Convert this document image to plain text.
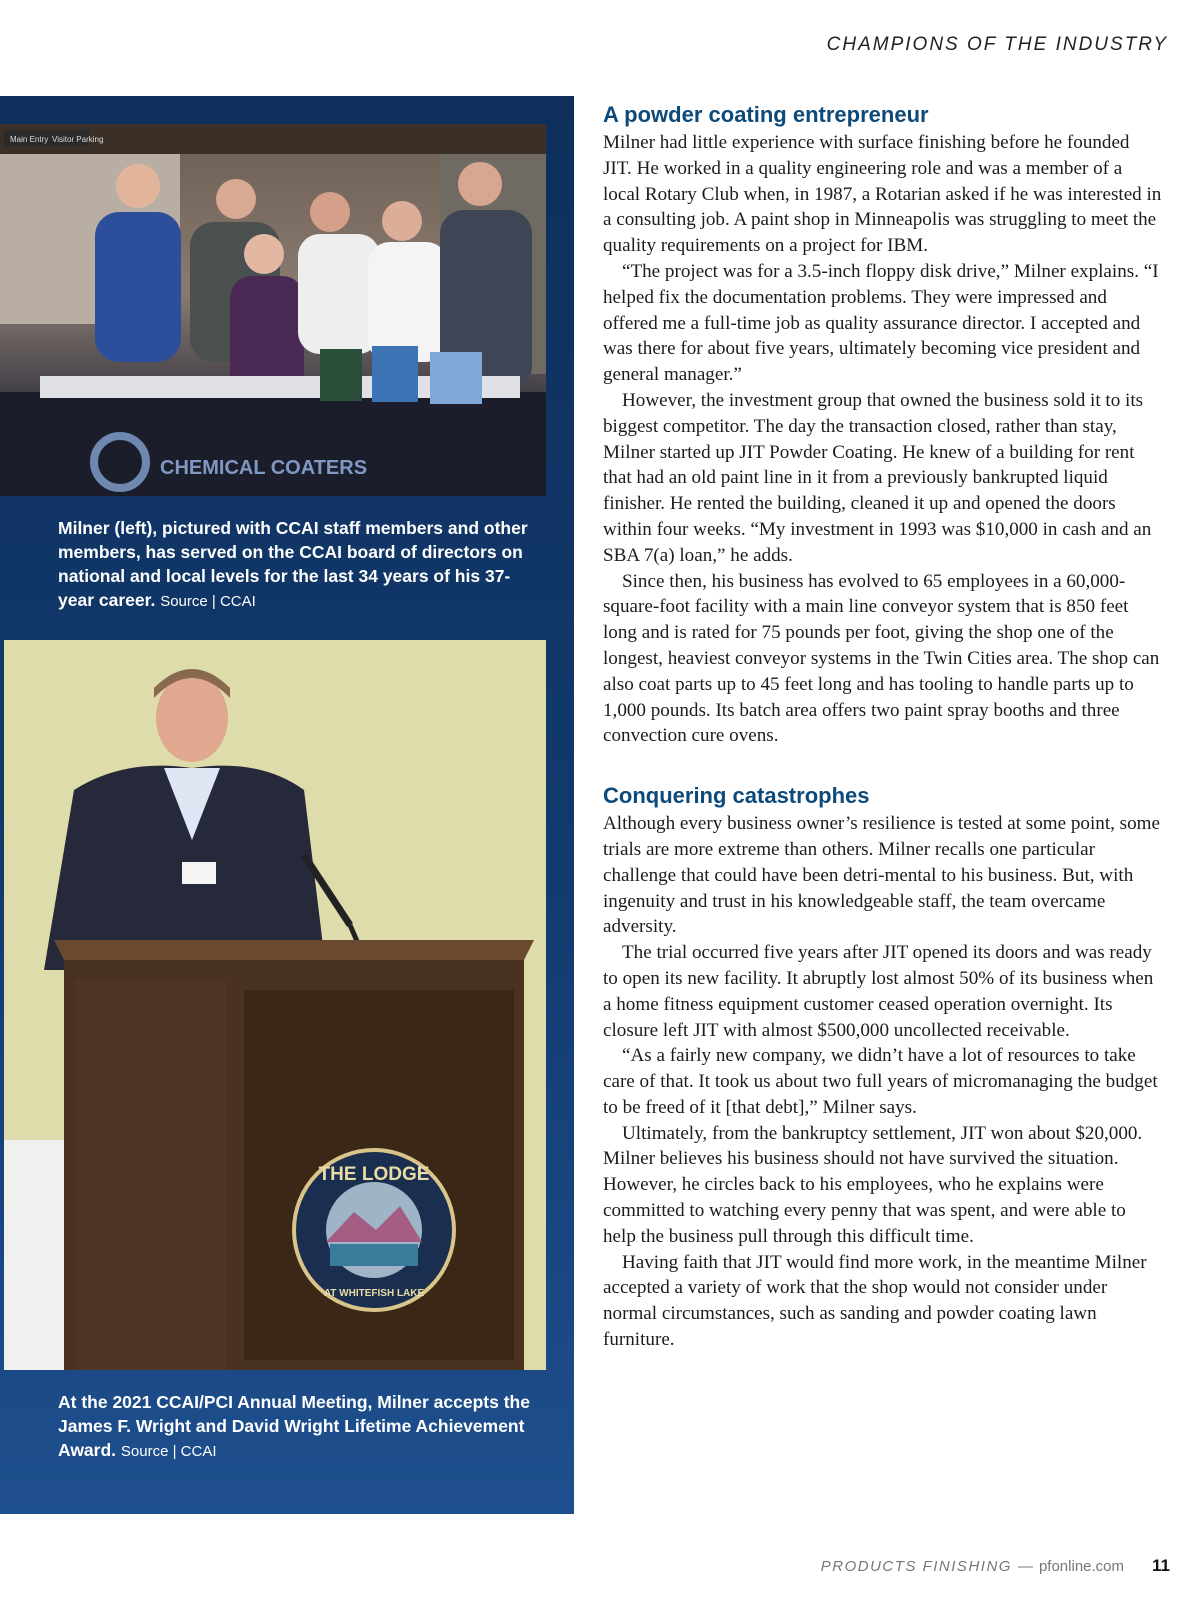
CHAMPIONS OF THE INDUSTRY
Main Entry Visitor Parking
CHEMICAL COATERS
Milner (left), pictured with CCAI staff members and other members, has served on the CCAI board of directors on national and local levels for the last 34 years of his 37-year career. Source | CCAI
THE LODGE
AT WHITEFISH LAKE
At the 2021 CCAI/PCI Annual Meeting, Milner accepts the James F. Wright and David Wright Lifetime Achievement Award. Source | CCAI
A powder coating entrepreneur

Milner had little experience with surface finishing before he founded JIT. He worked in a quality engineering role and was a member of a local Rotary Club when, in 1987, a Rotarian asked if he was interested in a consulting job. A paint shop in Minneapolis was struggling to meet the quality requirements on a project for IBM.

“The project was for a 3.5-inch floppy disk drive,” Milner explains. “I helped fix the documentation problems. They were impressed and offered me a full-time job as quality assurance director. I accepted and was there for about five years, ultimately becoming vice president and general manager.”

However, the investment group that owned the business sold it to its biggest competitor. The day the transaction closed, rather than stay, Milner started up JIT Powder Coating. He knew of a building for rent that had an old paint line in it from a previously bankrupted liquid finisher. He rented the building, cleaned it up and opened the doors within four weeks. “My investment in 1993 was $10,000 in cash and an SBA 7(a) loan,” he adds.

Since then, his business has evolved to 65 employees in a 60,000-square-foot facility with a main line conveyor system that is 850 feet long and is rated for 75 pounds per foot, giving the shop one of the longest, heaviest conveyor systems in the Twin Cities area. The shop can also coat parts up to 45 feet long and has tooling to handle parts up to 1,000 pounds. Its batch area offers two paint spray booths and three convection cure ovens.

Conquering catastrophes

Although every business owner’s resilience is tested at some point, some trials are more extreme than others. Milner recalls one particular challenge that could have been detri-mental to his business. But, with ingenuity and trust in his knowledgeable staff, the team overcame adversity.

The trial occurred five years after JIT opened its doors and was ready to open its new facility. It abruptly lost almost 50% of its business when a home fitness equipment customer ceased operation overnight. Its closure left JIT with almost $500,000 uncollected receivable.

“As a fairly new company, we didn’t have a lot of resources to take care of that. It took us about two full years of micromanaging the budget to be freed of it [that debt],” Milner says.

Ultimately, from the bankruptcy settlement, JIT won about $20,000. Milner believes his business should not have survived the situation. However, he circles back to his employees, who he explains were committed to watching every penny that was spent, and were able to help the business pull through this difficult time.

Having faith that JIT would find more work, in the meantime Milner accepted a variety of work that the shop would not consider under normal circumstances, such as sanding and powder coating lawn furniture.

PRODUCTS FINISHING — pfonline.com 11
